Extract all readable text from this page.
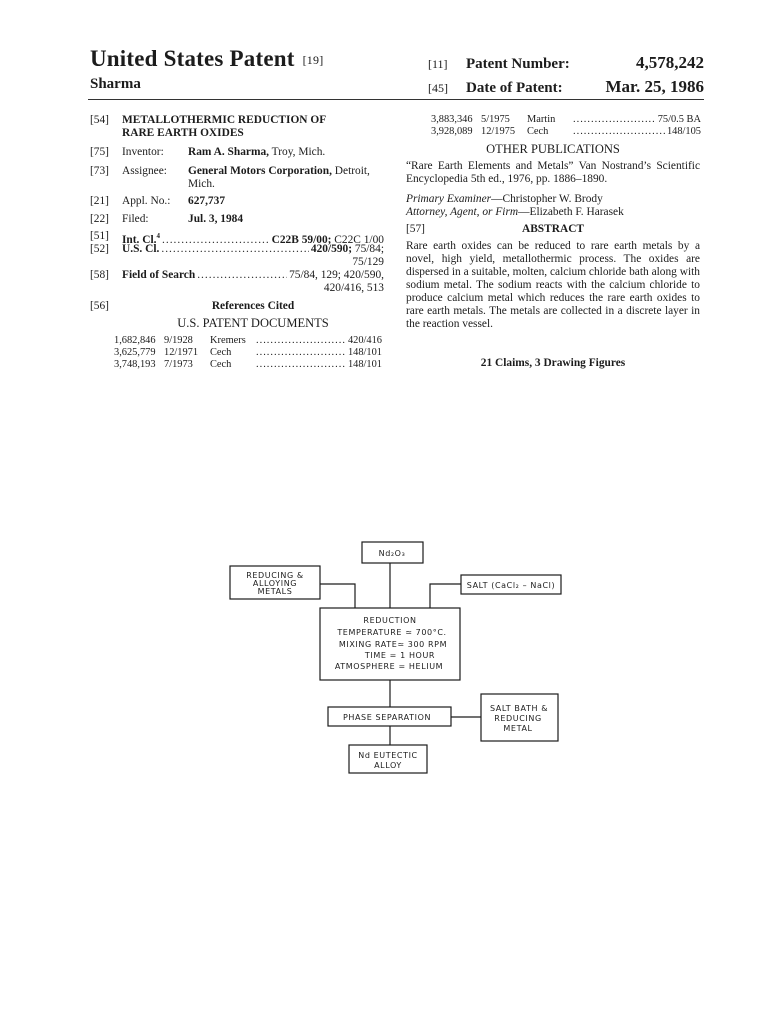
United States Patent [19]
Sharma
[11]	Patent Number:	4,578,242
[45]	Date of Patent:	Mar. 25, 1986
[54] METALLOTHERMIC REDUCTION OF
RARE EARTH OXIDES
[75] Inventor:	Ram A. Sharma, Troy, Mich.
[73] Assignee:	General Motors Corporation, Detroit,
Mich.
[21] Appl. No.:	627,737
[22] Filed:	Jul. 3, 1984
[51] Int. Cl.$^4$ .....	C22B 59/00; C22C 1/00
[52] U.S. Cl. .....	420/590; 75/84;
75/129
[58] Field of Search .....	75/84, 129; 420/590,
420/416, 513
[56]	References Cited
U.S. PATENT DOCUMENTS
1,682,846 9/1928	Kremers .....	420/416
3,625,779 12/1971	Cech .....	148/101
3,748,193 7/1973	Cech .....	148/101
3,883,346 5/1975	Martin .....	75/0.5 BA
3,928,089 12/1975	Cech .....	148/105
OTHER PUBLICATIONS
“Rare Earth Elements and Metals” Van Nostrand’s Scientific Encyclopedia 5th ed., 1976, pp. 1886–1890.
Primary Examiner—Christopher W. Brody
Attorney, Agent, or Firm—Elizabeth F. Harasek
[57]	ABSTRACT
Rare earth oxides can be reduced to rare earth metals by a novel, high yield, metallothermic process. The oxides are dispersed in a suitable, molten, calcium chloride bath along with sodium metal. The sodium reacts with the calcium chloride to produce calcium metal which reduces the rare earth oxides to rare earth metals. The metals are collected in a discrete layer in the reaction vessel.
21 Claims, 3 Drawing Figures
Nd₂O₃
REDUCING &
ALLOYING
METALS
SALT (CaCl₂ – NaCl)
REDUCTION
TEMPERATURE ≃ 700°C.
MIXING RATE≃ 300 RPM
TIME = 1 HOUR
ATMOSPHERE = HELIUM
PHASE SEPARATION
SALT BATH &
REDUCING
METAL
Nd EUTECTIC
ALLOY
